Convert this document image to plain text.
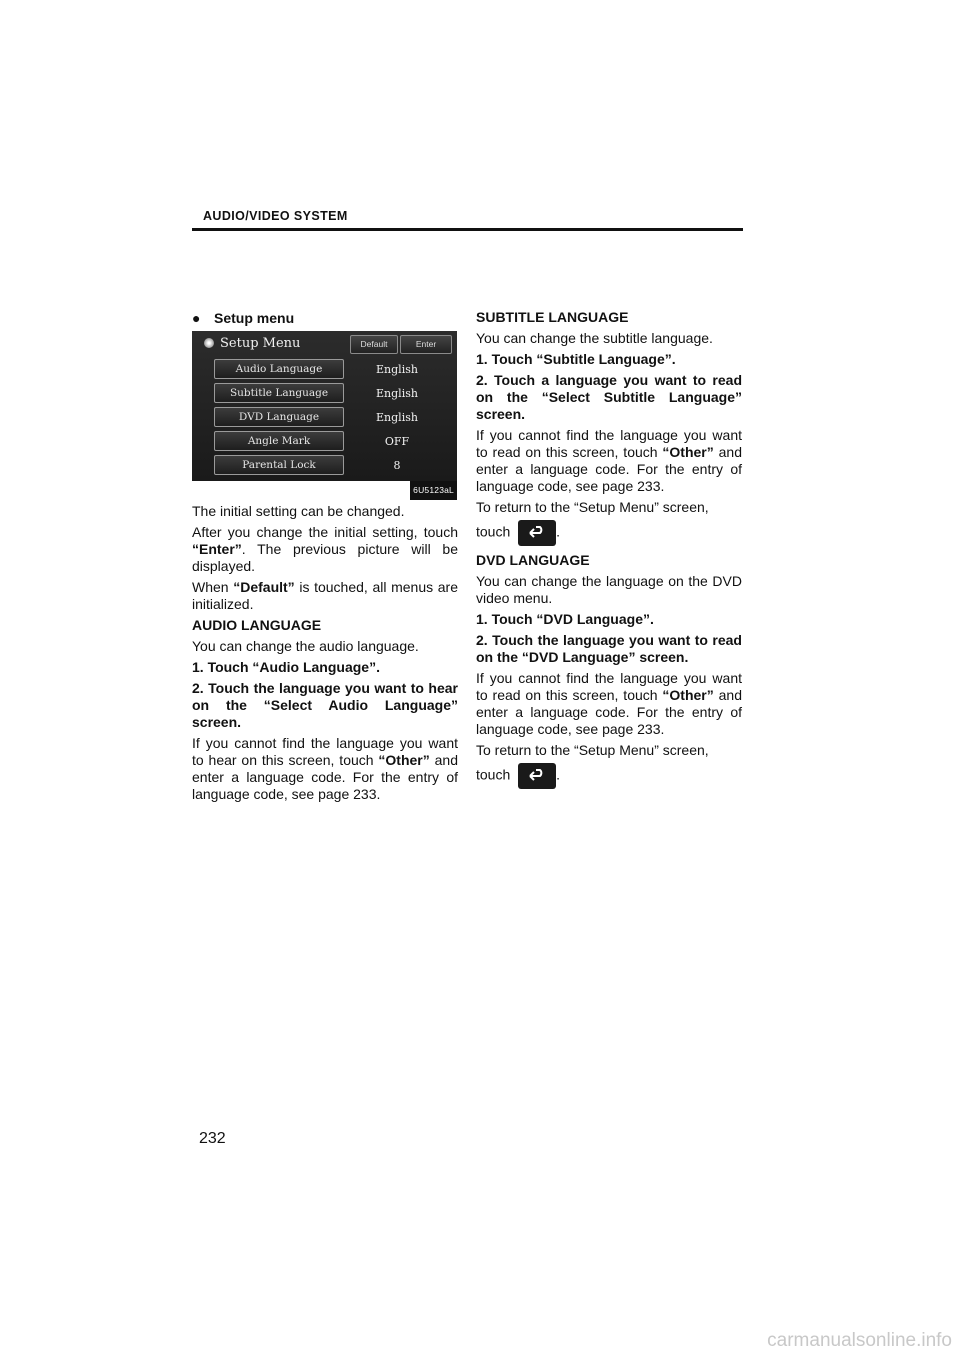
AUDIO/VIDEO SYSTEM

● Setup menu

Setup Menu	Default	Enter
Audio Language	English
Subtitle Language	English
DVD Language	English
Angle Mark	OFF
Parental Lock	8
6U5123aL

The initial setting can be changed.

After you change the initial setting, touch “Enter”. The previous picture will be displayed.

When “Default” is touched, all menus are initialized.

AUDIO LANGUAGE

You can change the audio language.

1. Touch “Audio Language”.

2. Touch the language you want to hear on the “Select Audio Language” screen.

If you cannot find the language you want to hear on this screen, touch “Other” and enter a language code. For the entry of language code, see page 233.

SUBTITLE LANGUAGE

You can change the subtitle language.

1. Touch “Subtitle Language”.

2. Touch a language you want to read on the “Select Subtitle Language” screen.

If you cannot find the language you want to read on this screen, touch “Other” and enter a language code. For the entry of language code, see page 233.

To return to the “Setup Menu” screen,

touch	.

DVD LANGUAGE

You can change the language on the DVD video menu.

1. Touch “DVD Language”.

2. Touch the language you want to read on the “DVD Language” screen.

If you cannot find the language you want to read on this screen, touch “Other” and enter a language code. For the entry of language code, see page 233.

To return to the “Setup Menu” screen,

touch	.

232
carmanualsonline.info
